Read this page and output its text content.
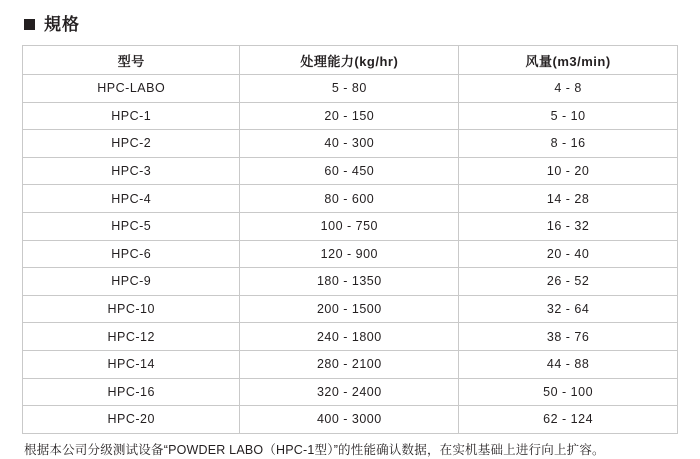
規格
型号	处理能力(kg/hr)	风量(m3/min)
HPC-LABO	5 - 80	4 - 8
HPC-1	20 - 150	5 - 10
HPC-2	40 - 300	8 - 16
HPC-3	60 - 450	10 - 20
HPC-4	80 - 600	14 - 28
HPC-5	100 - 750	16 - 32
HPC-6	120 - 900	20 - 40
HPC-9	180 - 1350	26 - 52
HPC-10	200 - 1500	32 - 64
HPC-12	240 - 1800	38 - 76
HPC-14	280 - 2100	44 - 88
HPC-16	320 - 2400	50 - 100
HPC-20	400 - 3000	62 - 124
根据本公司分级测试设备“POWDER LABO（HPC-1型）”的性能确认数据，在实机基础上进行向上扩容。
